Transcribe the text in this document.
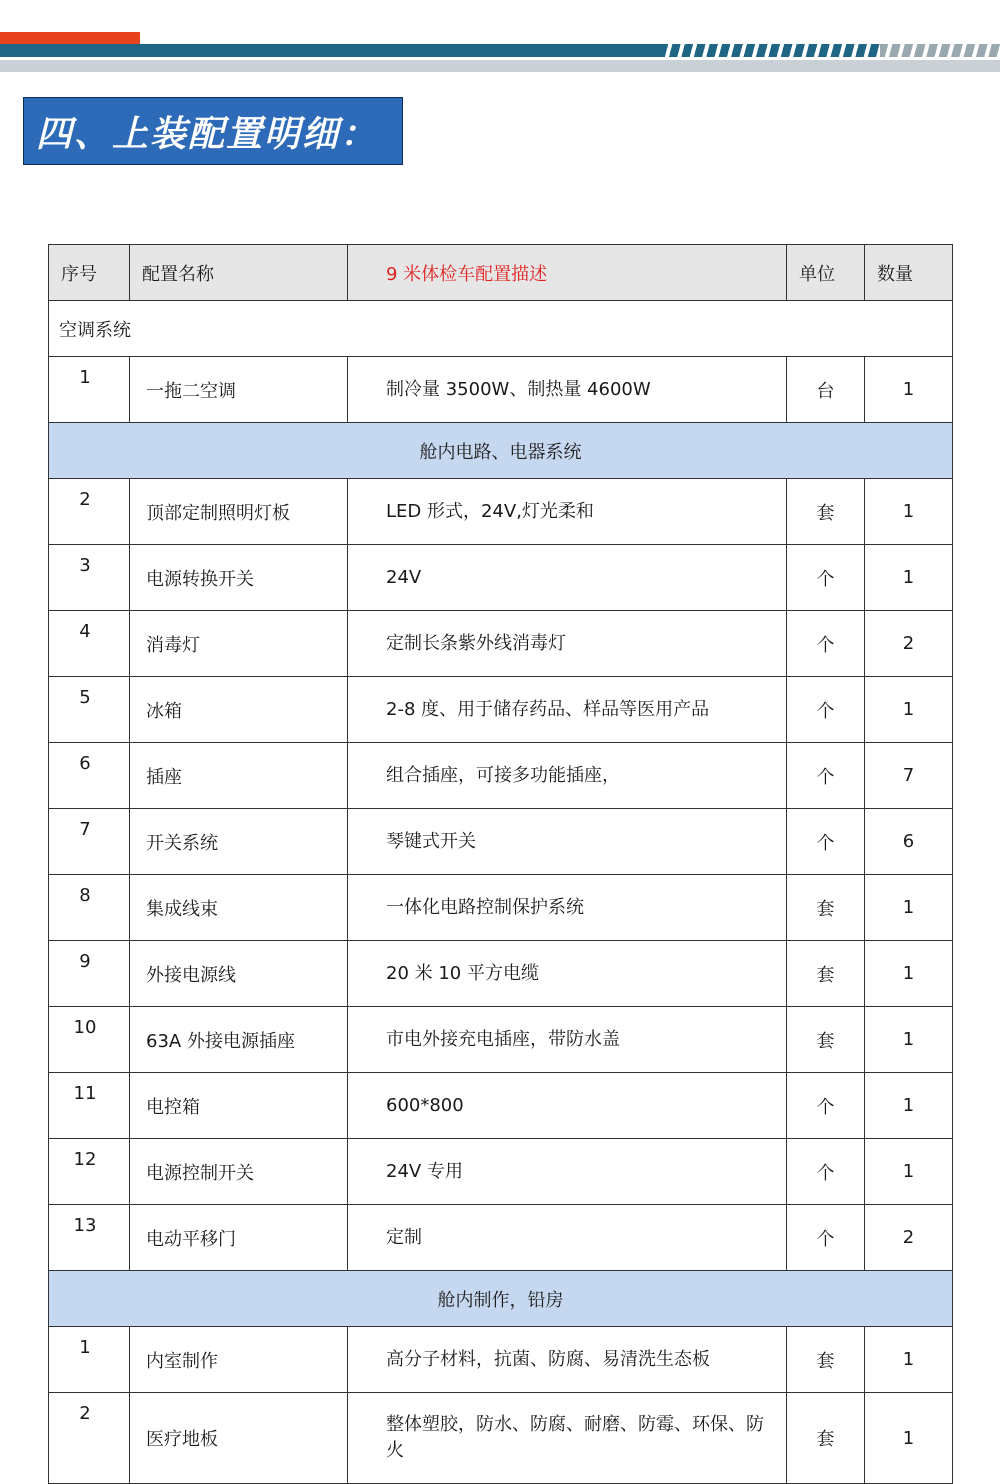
四、上装配置明细：
序号	配置名称	9 米体检车配置描述	单位	数量
空调系统				
1	一拖二空调	制冷量 3500W、制热量 4600W	台	1
舱内电路、电器系统				
2	顶部定制照明灯板	LED 形式，24V,灯光柔和	套	1
3	电源转换开关	24V	个	1
4	消毒灯	定制长条紫外线消毒灯	个	2
5	冰箱	2-8 度、用于储存药品、样品等医用产品	个	1
6	插座	组合插座，可接多功能插座，	个	7
7	开关系统	琴键式开关	个	6
8	集成线束	一体化电路控制保护系统	套	1
9	外接电源线	20 米 10 平方电缆	套	1
10	63A 外接电源插座	市电外接充电插座，带防水盖	套	1
11	电控箱	600*800	个	1
12	电源控制开关	24V 专用	个	1
13	电动平移门	定制	个	2
舱内制作，铅房				
1	内室制作	高分子材料，抗菌、防腐、易清洗生态板	套	1
2	医疗地板	整体塑胶，防水、防腐、耐磨、防霉、环保、防火	套	1
